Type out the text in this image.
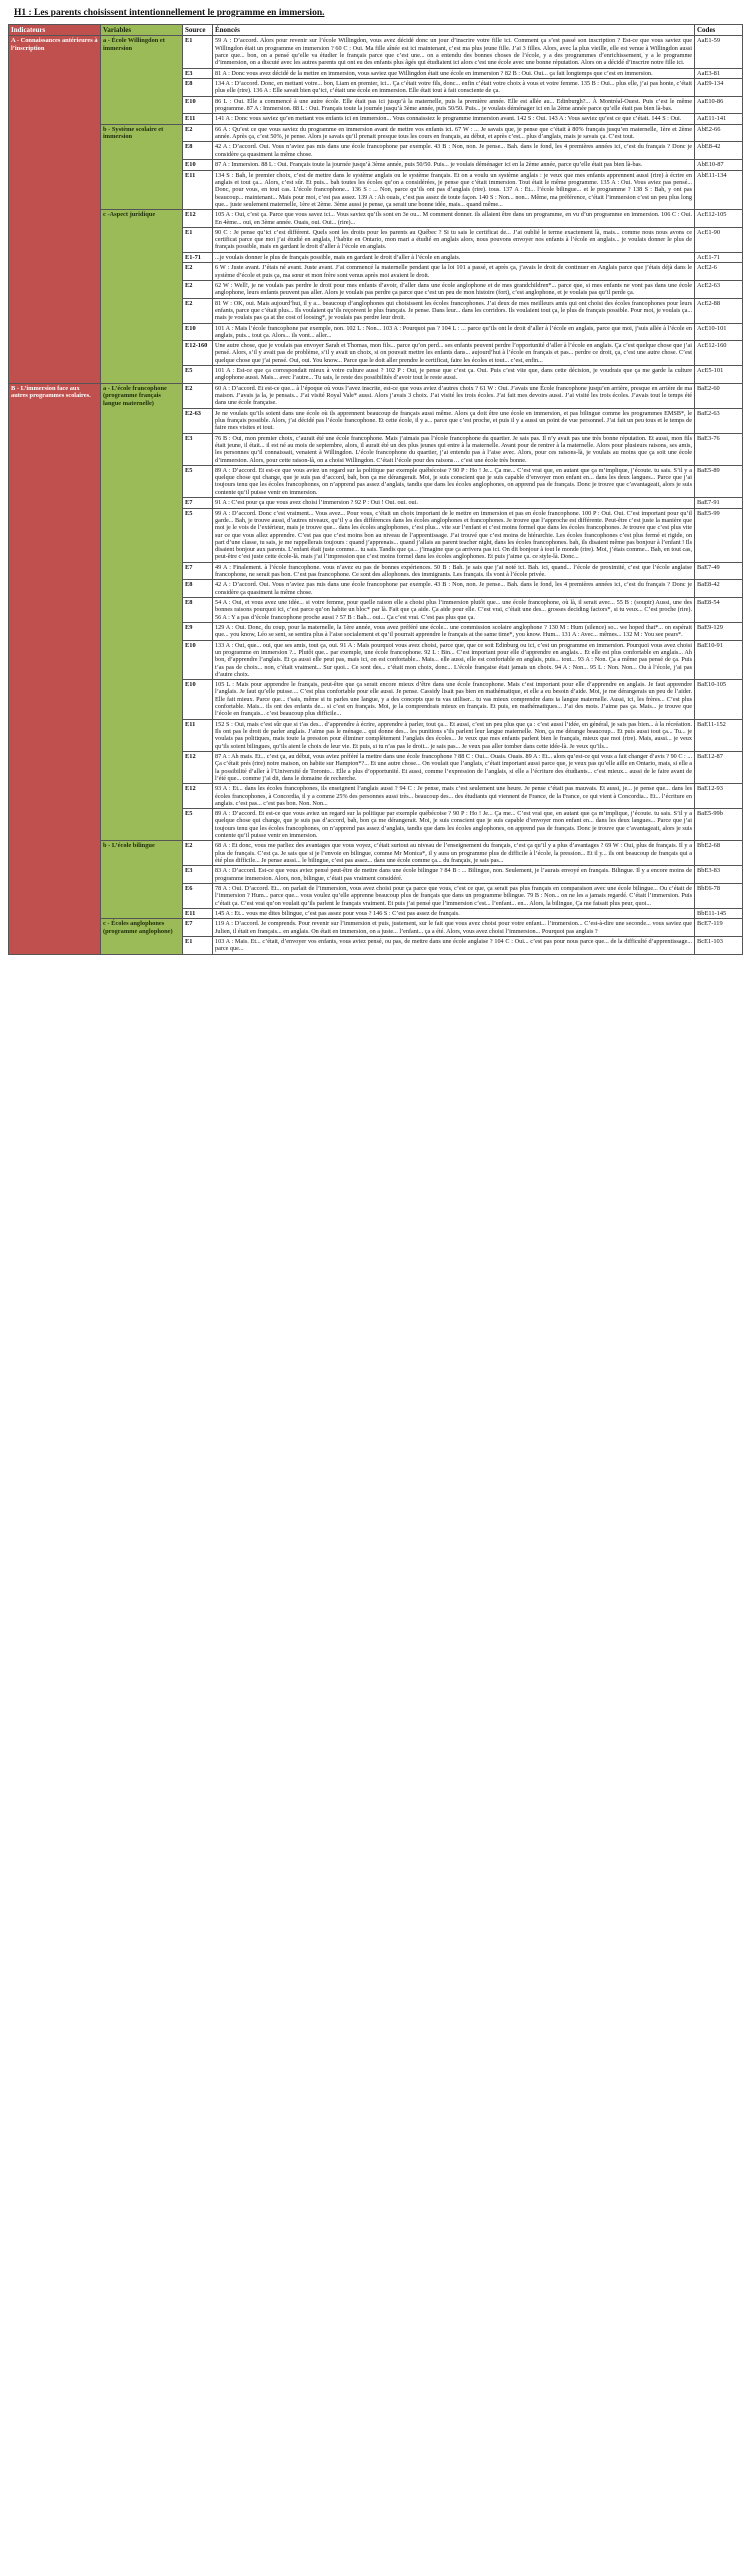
H1 : Les parents choisissent intentionnellement le programme en immersion.
Indicateurs	Variables	Source	Énoncés	Codes
A - Connaissances antérieures à l’inscription	a - École Willingdon et immersion	E1	59 A : D’accord. Alors pour revenir sur l’école Willingdon, vous avez décidé donc un jour d’inscrire votre fille ici. Comment ça s’est passé son inscription ? Est-ce que vous saviez que Willingdon était un programme en immersion ? 60 C : Oui. Ma fille aînée est ici maintenant, c’est ma plus jeune fille. J’ai 3 filles. Alors, avec la plus vieille, elle est venue à Willingdon aussi parce que... bon, on a pensé qu’elle va étudier le français parce que c’est une... on a entendu des bonnes choses de l’école, y a des programmes d’enrichissement, y a le programme d’immersion, on a discuté avec les autres parents qui ont eu des enfants plus âgés qui étudiaient ici alors c’est une école avec une bonne réputation. Alors on a décidé d’inscrire notre fille ici.	AaE1-59
		E3	81 A : Donc vous avez décidé de la mettre en immersion, vous saviez que Willingdon était une école en immersion ? 82 B : Oui. Oui... ça fait longtemps que c’est en immersion.	AaE3-81
		E8	134 A : D’accord. Donc, en mettant votre... bon, Liam en premier, ici... Ça c’était votre fils, donc... enfin c’était votre choix à vous et votre femme. 135 B : Oui... plus elle, j’ai pas honte, c’était plus elle (rire). 136 A : Elle savait bien qu’ici, c’était une école en immersion. Elle était tout à fait consciente de ça.	AaE9-134
		E10	86 L : Oui. Elle a commencé à une autre école. Elle était pas ici jusqu’à la maternelle, puis la première année. Elle est allée au... Edinburgh?... À Montréal-Ouest. Puis c’est le même programme. 87 A : Immersion. 88 L : Oui. Français toute la journée jusqu’à 3ème année, puis 50/50. Puis... je voulais déménager ici en la 2ème année parce qu’elle était pas bien là-bas.	AaE10-86
		E11	141 A : Donc vous saviez qu’en mettant vos enfants ici en immersion... Vous connaissiez le programme immersion avant. 142 S : Oui. 143 A : Vous saviez qu’est ce que c’était. 144 S : Oui.	AaE11-141
	b - Système scolaire et immersion	E2	66 A : Qu’est ce que vous saviez du programme en immersion avant de mettre vos enfants ici. 67 W : ... Je savais que, je pense que c’était à 80% français jusqu’en maternelle, 1ère et 2ème année. Après ça, c’est 50%, je pense. Alors je savais qu’il prenait presque tous les cours en français, au début, et après c’est... plus d’anglais, mais je savais ça. C’est tout.	AbE2-66
		E8	42 A : D’accord. Oui. Vous n’aviez pas mis dans une école francophone par exemple. 43 B : Non, non. Je pense... Bah. dans le fond, les 4 premières années ici, c’est du français ? Donc je considère ça quasiment la même chose.	AbE8-42
		E10	87 A : Immersion. 88 L : Oui. Français toute la journée jusqu’à 3ème année, puis 50/50. Puis... je voulais déménager ici en la 2ème année, parce qu’elle était pas bien là-bas.	AbE10-87
		E11	134 S : Bah, le premier choix, c’est de mettre dans le système anglais ou le système français. Et on a voulu un système anglais : je veux que mes enfants apprennent aussi (rire) à écrire en anglais et tout ça... Alors, c’est sûr. Et puis... bah toutes les écoles qu’on a considérées, je pense que c’était immersion. Tout était le même programme. 135 A : Oui. Vous aviez pas pensé... Donc, pour vous, en tout cas. L’école francophone... 136 S : ... Non, parce qu’ils ont pas d’anglais (rire). tous. 137 A : Et... l’école bilingue... et le programme ? 138 S : Bah, y ont pas beaucoup... maintenant... Mais pour moi, c’est pas assez. 139 A : Ah ouais, c’est pas assez de toute façon. 140 S : Non... non... Même, ma préférence, c’était l’immersion c’est un peu plus long que... juste seulement maternelle, 1ère et 2ème. 3ème aussi je pense, ça serait une bonne idée, mais... quand même...	AbE11-134
	c -Aspect juridique	E12	105 A : Oui, c’est ça. Parce que vous savez ici... Vous saviez qu’ils sont en 3e ou... M comment donner. ils allaient être dans un programme, en vu d’un programme en immersion. 106 C : Oui. En 4ème... oui, en 3ème année. Ouais, oui. Oui... (rire)...	AcE12-105
		E1	90 C : Je pense qu’ici c’est différent. Quels sont les droits pour les parents au Québec ? Si tu sais le certificat de... J’ai oublié le terme exactement là, mais... comme nous nous avons ce certificat parce que moi j’ai étudié en anglais, l’habite en Ontario, mon mari a étudié en anglais alors, nous pouvons envoyer nos enfants à l’école en anglais... je voulais donner le plus de français possible, mais en gardant le droit d’aller à l’école en anglais.	AcE1-90
		E1-71	...je voulais donner le plus de français possible, mais en gardant le droit d’aller à l’école en anglais.	AcE1-71
		E2	6 W : Juste avant. J’étais né avant. Juste avant. J’ai commencé la maternelle pendant que la loi 101 a passé, et après ça, j’avais le droit de continuer en Anglais parce que j’étais déjà dans le système d’école et puis ça, ma sœur et mon frère sont venus après moi avaient le droit.	AcE2-6
		E2	62 W : Well!, je ne voulais pas perdre le droit pour mes enfants d’avoir, d’aller dans une école anglophone et de mes grandchildren*... parce que, si mes enfants ne vont pas dans une école anglophone, leurs enfants peuvent pas aller. Alors je voulais pas perdre ça parce que c’est un peu de mon histoire (fort), c’est anglophone, et je voulais pas qu’il perde ça.	AcE2-63
		E2	81 W : OK, oui. Mais aujourd’hui, il y a... beaucoup d’anglophones qui choisissent les écoles francophones. J’ai deux de mes meilleurs amis qui ont choisi des écoles francophones pour leurs enfants, parce que c’était plus... Ils voulaient qu’ils reçoivent le plus français. Je pense. Dans leur... dans les corridors. Ils voulaient tout ça, le plus de français possible. Pour moi, je voulais ça... mais je voulais pas ça at the cost of loosing*, je voulais pas perdre leur droit.	AcE2-88
		E10	101 A : Mais l’école francophone par exemple, non. 102 L : Non... 103 A : Pourquoi pas ? 104 L : ... parce qu’ils ont le droit d’aller à l’école en anglais, parce que moi, j’suis allée à l’école en anglais, puis... tout ça. Alors... ils vont... aller...	AcE10-101
		E12-160	Une autre chose, que je voulais pas envoyer Sarah et Thomas, mon fils... parce qu’on perd... ses enfants peuvent perdre l’opportunité d’aller à l’école en anglais. Ça c’est quelque chose que j’ai pensé. Alors, s’il y avait pas de problème, s’il y avait un choix, si on pouvait mettre les enfants dans... aujourd’hui à l’école en français et pas... perdre ce droit, ça, c’est une autre chose. C’est quelque chose que j’ai pensé. Oui, oui. You know... Parce que le doit aller prendre le certificat, faire les écoles et tout... c’est, enfin...	AcE12-160
		E5	101 A : Est-ce que ça correspondait mieux à votre culture aussi ? 102 P : Oui, je pense que c’est ça. Oui. Puis c’est vite que, dans cette décision, je voudrais que ça me garde la culture anglophone aussi. Mais... avec l’autre... Tu sais, le reste des possibilités d’avoir tout le reste aussi.	AcE5-101
B - L’immersion face aux autres programmes scolaires.	a - L’école francophone (programme français langue maternelle)	E2	60 A : D’accord. Et est-ce que... à l’époque où vous l’avez inscrite, est-ce que vous aviez d’autres choix ? 61 W : Oui. J’avais une École francophone jusqu’en arrière, presque en arrière de ma maison. J’avais ja la, je pensais... J’ai visité Royal Vale* aussi. Alors j’avais 3 choix. J’ai visité les trois écoles. J’ai fait mes devoirs aussi. J’ai visité les trois écoles. J’avais tout le temps été dans une école française.	BaE2-60
		E2-63	Je ne voulais qu’ils soient dans une école où ils apprennent beaucoup de français aussi même. Alors ça doit être une école en immersion, et pas bilingue comme les programmes EMSB*, le plus français possible. Alors, j’ai décidé pas l’école francophone. Et cette école, il y a... parce que c’est proche, et puis il y a aussi un point de vue personnel. J’ai fait un peu tous et le temps de faire mes visites et tout.	BaE2-63
		E3	76 B : Oui, mon premier choix, c’aurait été une école francophone. Mais j’aimais pas l’école francophone du quartier. Je sais pas. Il n’y avait pas une très bonne réputation. Et aussi, mon fils était jeune, il était... il est né au mois de septembre, alors, il aurait été un des plus jeunes qui entre à la maternelle. Avant pour de rentrer à la maternelle. Alors pour plusieurs raisons, ses amis, les personnes qu’il connaissait, venaient à Willingdon. L’école francophone du quartier, j’ai entendu pas à l’aise avec. Alors, pour ces raisons-là, je voulais au moins que ça soit une école d’immersion. Alors, pour cette raison-là, on a choisi Willingdon. C’était l’école pour des raisons… c’est une école très bonne.	BaE3-76
		E5	89 A : D’accord. Et est-ce que vous aviez un regard sur la politique par exemple québécoise ? 90 P : Ho ! Je... Ça me... C’est vrai que, en autant que ça m’implique, j’écoute. tu sais. S’il y a quelque chose qui change, que je suis pas d’accord, bah, bon ça me dérangerait. Moi, je suis conscient que je suis capable d’envoyer mon enfant en... dans les deux langues... Parce que j’ai toujours tenu que les écoles francophones, on n’apprend pas assez d’anglais, tandis que dans les écoles anglophones, on apprend pas de français. Donc je trouve que c’avantageait, alors je suis contente qu’il puisse venir en immersion.	BaE5-89
		E7	91 A : C’est pour ça que vous avez choisi l’immersion ? 92 P : Oui ! Oui. oui. oui.	BaE7-91
		E5	99 A : D’accord. Donc c’est vraiment... Vous avez... Pour vous, c’était un choix important de le mettre en immersion et pas en école francophone. 100 P : Oui. Oui. C’est important pour qu’il garde... Bah, je trouve aussi, d’autres niveaux, qu’il y a des différences dans les écoles anglophones et francophones. Je trouve que l’approche est différente. Peut-être c’est juste la manière que moi je le vois de l’extérieur, mais je trouve que... dans les écoles anglophones, c’est plus... vite sur l’enfant et c’est moins formel que dans les écoles francophones. Je trouve que c’est plus vite sur ce que vous allez apprendre. C’est pas que c’est moins bon au niveau de l’apprentissage. J’ai trouvé que c’est moins de hiérarchie. Les écoles francophones c’est plus fermé et rigide, on part d’une classe, tu sais, je me rappellerais toujours : quand j’apprenais... quand j’allais au parent teacher night, dans les écoles francophones. bah, ils disaient même pas bonjour à l’enfant ! Ils disaient bonjour aux parents. L’enfant était juste comme... tu sais. Tandis que ça... j’imagine que ça arrivera pas ici. On dit bonjour à tout le monde (rire). Moi, j’étais comme... Bah, en tout cas, peut-être c’est juste cette école-là. mais j’ai l’impression que c’est moins formel dans les écoles anglophones. Et puis j’aime ça. ce style-là. Donc...	BaE5-99
		E7	49 A : Finalement. à l’école francophone. vous n’avez eu pas de bonnes expériences. 50 B : Bah. je sais que j’ai noté ici. Bah. ici, quand... l’école de proximité, c’est que l’école anglaise francophone, ne serait pas bon. C’est pas francophone. Ce sont des allophones. des immigrants. Les français. ils vont à l’école privée.	BaE7-49
		E8	42 A : D’accord. Oui. Vous n’aviez pas mis dans une école francophone par exemple. 43 B : Non, non. Je pense... Bah. dans le fond, les 4 premières années ici, c’est du français ? Donc je considère ça quasiment la même chose.	BaE8-42
		E8	54 A : Oui, et vous avez une idée... si votre femme, pour quelle raison elle a choisi plus l’immersion plutôt que... une école francophone, où là, il serait avec... 55 B : (soupir) Aussi, une des bonnes raisons pourquoi ici, c’est parce qu’on habite un bloc* par là. Fait que ça aide. Ça aide pour elle. C’est vrai, c’était une des... grosses deciding factors*, si tu veux... C’est proche (rire). 56 A : Y a pas d’école francophone proche aussi ? 57 B : Bah... oui... Ça c’est vrai. C’est pas plus que ça.	BaE8-54
		E9	129 A : Oui. Donc, du coup, pour la maternelle, la 1ère année, vous avez préféré une école... une commission scolaire anglophone ? 130 M : Hum (silence) so... we hoped that*... on espérait que... you know, Léo se sent, se sentira plus à l’aise socialement et qu’il pourrait apprendre le français at the same time*, you know. Hum... 131 A : Avec... mêmes... 132 M : You see pears*.	BaE9-129
		E10	133 A : Oui, que... oui, que ses amis, tout ça, oui. 91 A : Mais pourquoi vous avez choisi, parce que, que ce soit Edinburg ou ici, c’est un programme en immersion. Pourquoi vous avez choisi un programme en immersion ?... Plutôt que... par exemple, une école francophone. 92 L : Bin... C’est important pour elle d’apprendre en anglais... Et elle est plus confortable en anglais... Ah bon, d’apprendre l’anglais. Et ça aussi elle peut pas, mais ici, on est confortable... Mais... elle aussi, elle est confortable en anglais, puis... tout... 93 A : Non. Ça a même pas pensé de ça. Puis t’as pas de choix... non, c’était vraiment... Sur quoi... Ce sont des... c’était mon choix, donc... L’école française était jamais un choix. 94 A : Non... 95 L : Non. Non... Ou à l’école, j’ai pas d’autre choix.	BaE10-91
		E10	105 L : Mais pour apprendre le français, peut-être que ça serait encore mieux d’être dans une école francophone. Mais c’est important pour elle d’apprendre en anglais. Je faut apprendre l’anglais. Je faut qu’elle puisse.... C’est plus confortable pour elle aussi. Je pense. Cassidy lisait pas bien en mathématique, et elle a eu besoin d’aide. Moi, je me dérangerais un peu de l’aider. Elle fait mieux. Parce que... t’sais, même si tu parles une langue, y a des concepts que tu vas utiliser... tu vas mieux comprendre dans ta langue maternelle. Aussi, ici, les frères... C’est plus confortable. Mais... ils ont des enfants de... si c’est en français. Moi, je la comprendrais mieux en français. Et puis, en mathématiques... J’ai des mots. J’aime pas ça. Mais... je trouve que l’école en français... c’est beaucoup plus difficile...	BaE10-105
		E11	152 S : Oui, mais c’est sûr que si t’as des... d’apprendre à écrire, apprendre à parler, tout ça... Et aussi, c’est un peu plus que ça : c’est aussi l’idée, en général, je sais pas bien... à la récréation. Ils ont pas le droit de parler anglais. J’aime pas le ménage... qui donne des... les punitions s’ils parlent leur langue maternelle. Non, ça me dérange beaucoup... Et puis aussi tout ça... Tu... je voulais pas politiques, mais toute la pression pour éliminer complètement l’anglais des écoles... Je veux que mes enfants parlent bien le français, mieux que moi (rire). Mais, aussi... je veux qu’ils soient bilingues, qu’ils aient le choix de leur vie. Et puis, si tu n’as pas le droit... je sais pas... Je veux pas aller tomber dans cette idée-là. Je veux qu’ils...	BaE11-152
		E12	87 A : Ah mais. Et... c’est ça, au début, vous aviez préféré la mettre dans une école francophone ? 88 C : Oui... Ouais. Ouais. 89 A : Et... alors qu’est-ce qui vous a fait changer d’avis ? 90 C : ... Ça c’était prés (rire) notre maison, on habite sur Hampton*?... Et une autre chose... On voulait que l’anglais, c’était important aussi parce que, je veux pas qu’elle aille en Ontario, mais, si elle a la possibilité d’aller à l’Université de Toronto... Elle a plus d’opportunité. Et aussi, comme l’expression de l’anglais, si elle a l’écriture des étudiants... c’est mieux... aussi de le faire avant de l’été que... comme j’ai dit, dans le domaine de recherche.	BaE12-87
		E12	93 A : Et... dans les écoles francophones, ils enseignent l’anglais aussi ? 94 C : Je pense, mais c’est seulement une heure. Je pense c’était pas mauvais. Et aussi, je... je pense que... dans les écoles francophones, à Concordia, il y a comme 25% des personnes aussi très... beaucoup des... des étudiants qui viennent de France, de la France, ce qui vient à Concordia... Et... l’écriture en anglais. c’est pas... c’est pas bon. Non. Non...	BaE12-93
		E5	89 A : D’accord. Et est-ce que vous aviez un regard sur la politique par exemple québécoise ? 90 P : Ho ! Je... Ça me... C’est vrai que, en autant que ça m’implique, j’écoute. tu sais. S’il y a quelque chose qui change, que je suis pas d’accord, bah, bon ça me dérangerait. Moi, je suis conscient que je suis capable d’envoyer mon enfant en... dans les deux langues... Parce que j’ai toujours tenu que les écoles francophones, on n’apprend pas assez d’anglais, tandis que dans les écoles anglophones, on apprend pas de français. Donc je trouve que c’avantageait, alors je suis contente qu’il puisse venir en immersion.	BaE5-99b
	b - L’école bilingue	E2	68 A : Et donc, vous me parliez des avantages que vous voyez, c’était surtout au niveau de l’enseignement du français, c’est ça qu’il y a plus d’avantages ? 69 W : Oui, plus de français. Il y a plus de français. C’est ça. Je sais que si je l’envoie en bilingue, comme Mr Monica*, il y aura un programme plus de difficile à l’école, la pression... Et il y... ils ont beaucoup de français qui a été plus difficile... Je pense aussi... le bilingue, c’est pas assez... dans une école comme ça... du français, je sais pas...	BbE2-68
		E3	83 A : D’accord. Est-ce que vous aviez pensé peut-être de mettre dans une école bilingue ? 84 B : ... Bilingue, non. Seulement, je l’aurais envoyé en français. Bilingue. Il y a encore moins de programme immersion. Alors, non, bilingue, c’était pas vraiment considéré.	BbE3-83
		E6	78 A : Oui. D’accord. Et... on parlait de l’immersion, vous avez choisi pour ça parce que vous, c’est ce que, ça serait pas plus français en comparaison avec une école bilingue... Ou c’était de l’immersion ? Hum... parce que... vous voulez qu’elle apprenne beaucoup plus de français que dans un programme bilingue. 79 B : Non... on ne les a jamais regardé. C’était l’immersion. Puis c’était ça. C’est vrai qu’on voulait qu’ils parlent le français vraiment. Et puis j’ai pensé que l’immersion c’est... l’enfant... en... Alors, la bilingue, Ça me faisait plus peur, quoi...	BbE6-78
		E11	145 A : Et... vous me dites bilingue, c’est pas assez pour vous ? 146 S : C’est pas assez de français.	BbE11-145
	c - Écoles anglophones (programme anglophone)	E7	119 A : D’accord. Je comprends. Pour revenir sur l’immersion et puis, justement, sur le fait que vous avez choisi pour votre enfant... l’immersion... C’est-à-dire une seconde... vous saviez que Julien, il était en français... en anglais. On était en immersion, on a juste... l’enfant... ça a été. Alors, vous avez choisi l’immersion... Pourquoi pas anglais ?	BcE7-119
		E1	103 A : Mais. Et... c’était, d’envoyer vos enfants, vous aviez pensé, ou pas, de mettre dans une école anglaise ? 104 C : Oui... c’est pas pour nous parce que... de la difficulté d’apprentissage... parce que...	BcE1-103
